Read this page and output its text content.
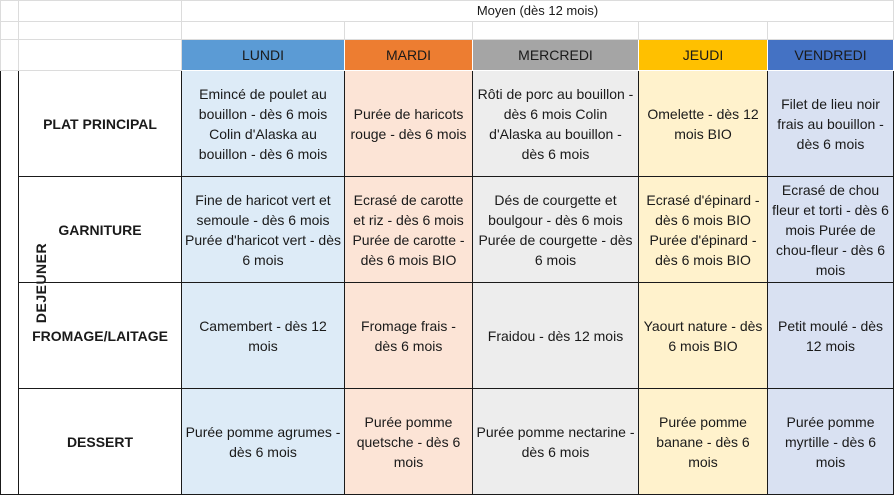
		Moyen (dès 12 mois)				

		LUNDI	MARDI	MERCREDI	JEUDI	VENDREDI
DEJEUNER	PLAT PRINCIPAL	Emincé de poulet au bouillon - dès 6 mois Colin d'Alaska au bouillon - dès 6 mois	Purée de haricots rouge - dès 6 mois	Rôti de porc au bouillon - dès 6 mois Colin d'Alaska au bouillon - dès 6 mois	Omelette - dès 12 mois BIO	Filet de lieu noir frais au bouillon - dès 6 mois
	GARNITURE	Fine de haricot vert et semoule - dès 6 mois Purée d'haricot vert - dès 6 mois	Ecrasé de carotte et riz - dès 6 mois Purée de carotte - dès 6 mois BIO	Dés de courgette et boulgour - dès 6 mois Purée de courgette - dès 6 mois	Ecrasé d'épinard - dès 6 mois BIO Purée d'épinard - dès 6 mois BIO	Ecrasé de chou fleur et torti - dès 6 mois Purée de chou-fleur - dès 6 mois
	FROMAGE/LAITAGE	Camembert - dès 12 mois	Fromage frais - dès 6 mois	Fraidou - dès 12 mois	Yaourt nature - dès 6 mois BIO	Petit moulé - dès 12 mois
	DESSERT	Purée pomme agrumes - dès 6 mois	Purée pomme quetsche - dès 6 mois	Purée pomme nectarine - dès 6 mois	Purée pomme banane - dès 6 mois	Purée pomme myrtille - dès 6 mois
